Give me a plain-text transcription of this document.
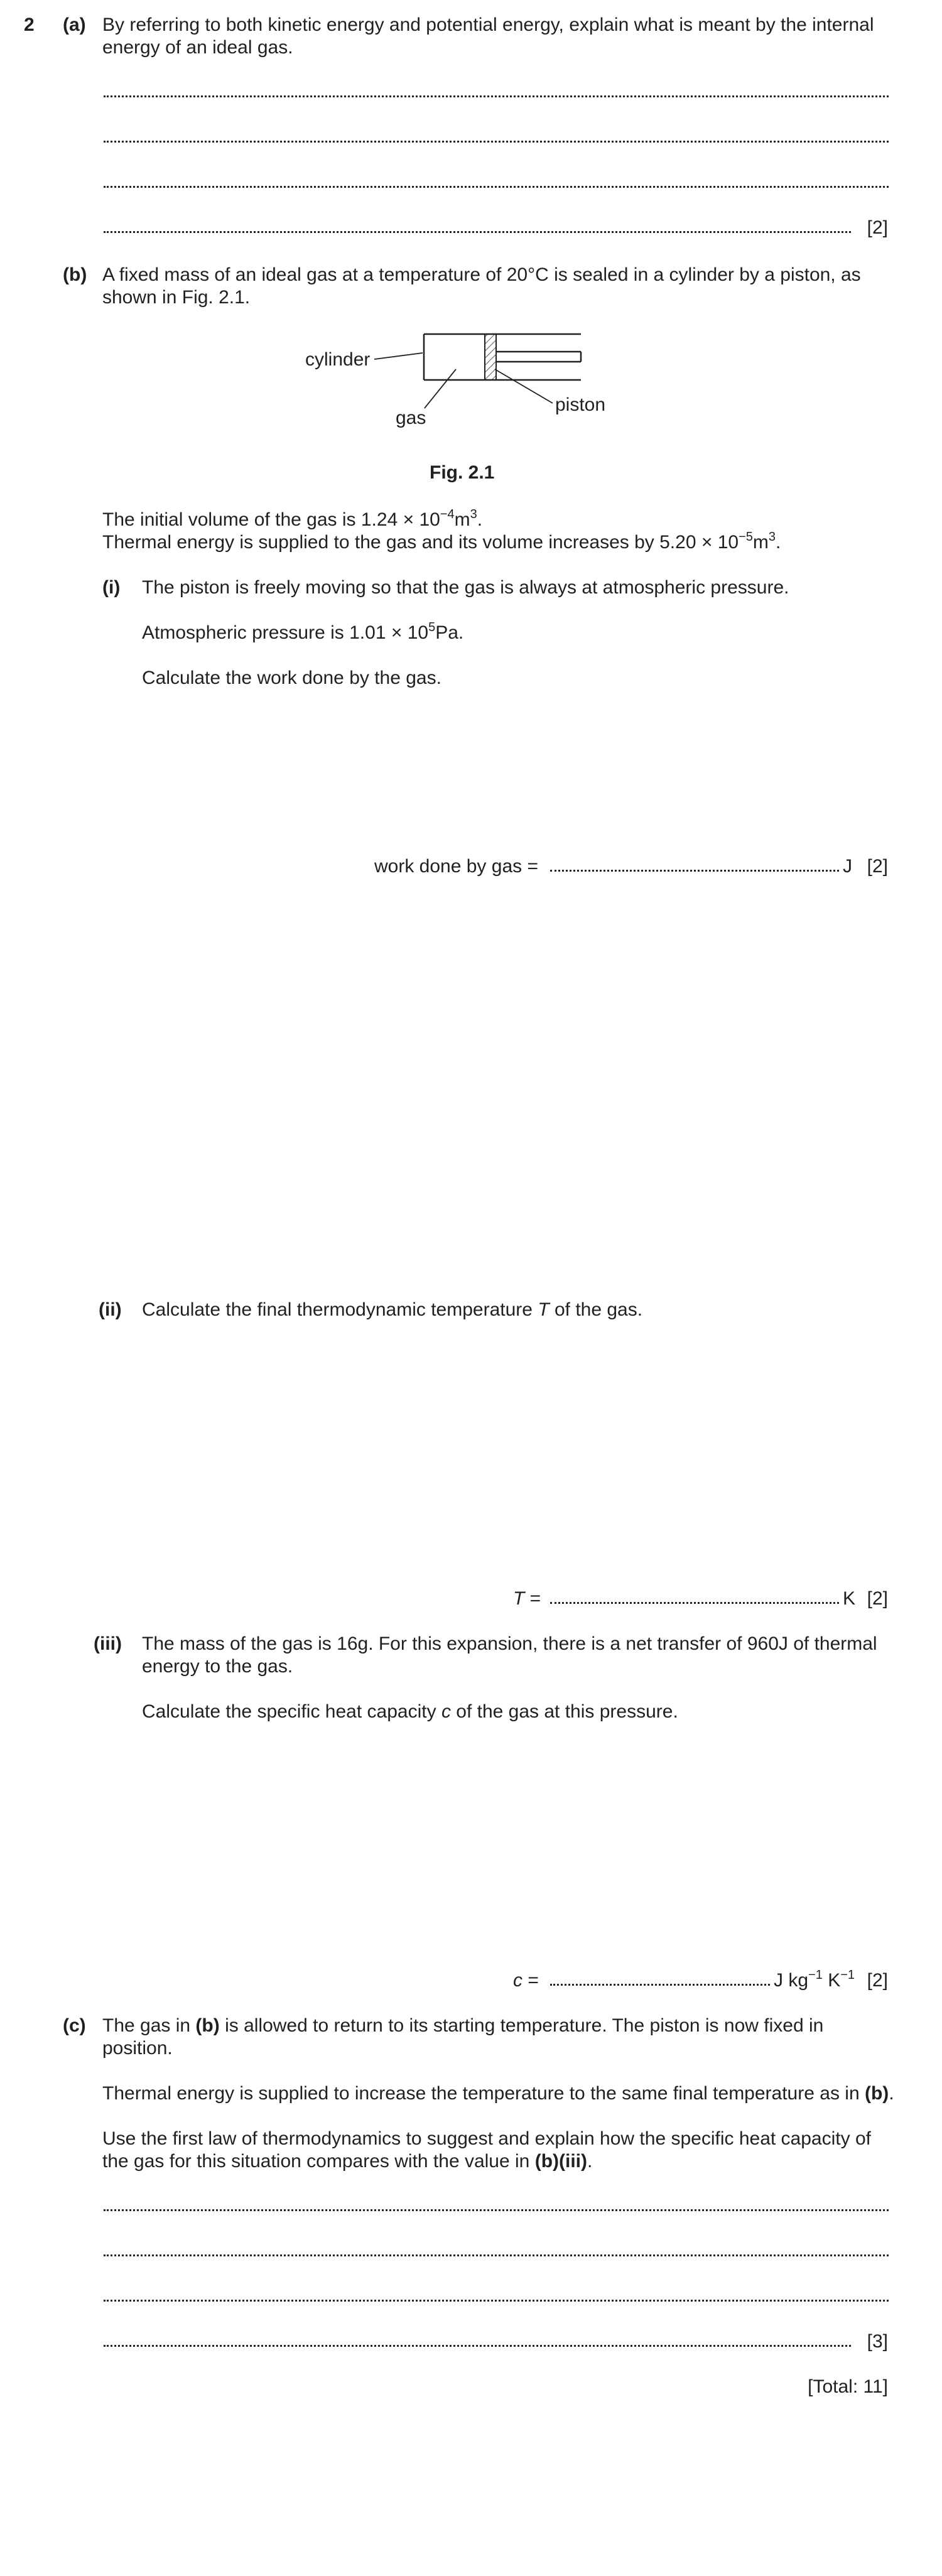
2 (a) By referring to both kinetic energy and potential energy, explain what is meant by the internal
energy of an ideal gas.
[2]
(b) A fixed mass of an ideal gas at a temperature of 20°C is sealed in a cylinder by a piston, as
shown in Fig. 2.1.
cylinder
gas
piston
Fig. 2.1
The initial volume of the gas is $1.24 \times 10^{-4}m^3$.
Thermal energy is supplied to the gas and its volume increases by $5.20 \times 10^{-5}m^3$.
(i) The piston is freely moving so that the gas is always at atmospheric pressure.
Atmospheric pressure is $1.01 \times 10^5Pa$.
Calculate the work done by the gas.
work done by gas =	J [2]
(ii) Calculate the final thermodynamic temperature T of the gas.
T =	K [2]
(iii) The mass of the gas is 16g. For this expansion, there is a net transfer of 960J of thermal
energy to the gas.
Calculate the specific heat capacity c of the gas at this pressure.
c =	J $kg^{-1}$ $K^{-1}$ [2]
(c) The gas in (b) is allowed to return to its starting temperature. The piston is now fixed in
position.
Thermal energy is supplied to increase the temperature to the same final temperature as in (b).
Use the first law of thermodynamics to suggest and explain how the specific heat capacity of
the gas for this situation compares with the value in (b)(iii).
[3]
[Total: 11]
